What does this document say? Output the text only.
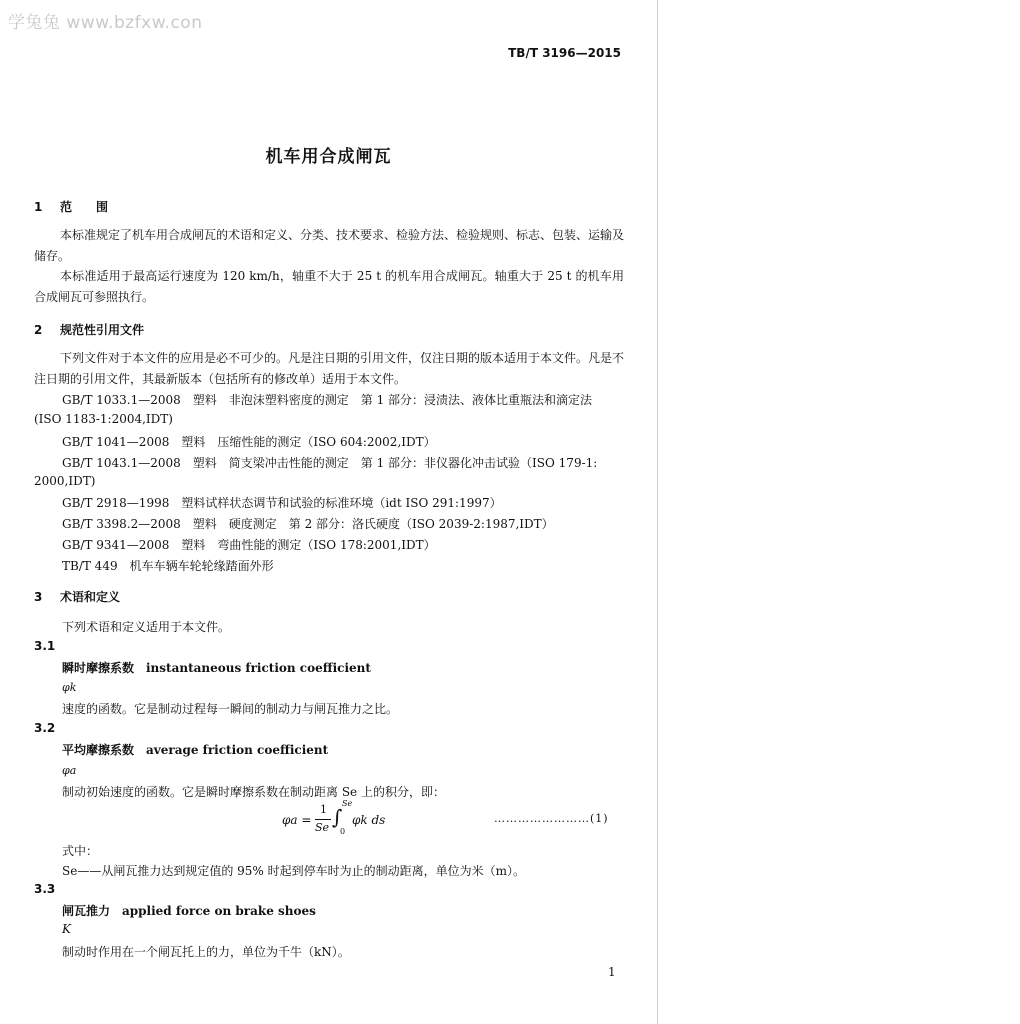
学兔兔 www.bzfxw.con
TB/T 3196—2015
机车用合成闸瓦
1 范　　围
本标准规定了机车用合成闸瓦的术语和定义、分类、技术要求、检验方法、检验规则、标志、包装、运输及储存。
本标准适用于最高运行速度为 120 km/h，轴重不大于 25 t 的机车用合成闸瓦。轴重大于 25 t 的机车用合成闸瓦可参照执行。
2 规范性引用文件
下列文件对于本文件的应用是必不可少的。凡是注日期的引用文件，仅注日期的版本适用于本文件。凡是不注日期的引用文件，其最新版本（包括所有的修改单）适用于本文件。
GB/T 1033.1—2008　塑料　非泡沫塑料密度的测定　第 1 部分：浸渍法、液体比重瓶法和滴定法
(ISO 1183-1:2004,IDT)
GB/T 1041—2008　塑料　压缩性能的测定（ISO 604:2002,IDT）
GB/T 1043.1—2008　塑料　简支梁冲击性能的测定　第 1 部分：非仪器化冲击试验（ISO 179-1:
2000,IDT)
GB/T 2918—1998　塑料试样状态调节和试验的标准环境（idt ISO 291:1997）
GB/T 3398.2—2008　塑料　硬度测定　第 2 部分：洛氏硬度（ISO 2039-2:1987,IDT）
GB/T 9341—2008　塑料　弯曲性能的测定（ISO 178:2001,IDT）
TB/T 449　机车车辆车轮轮缘踏面外形
3 术语和定义
下列术语和定义适用于本文件。
3.1
瞬时摩擦系数　instantaneous friction coefficient
φk
速度的函数。它是制动过程每一瞬间的制动力与闸瓦推力之比。
3.2
平均摩擦系数　average friction coefficient
φa
制动初始速度的函数。它是瞬时摩擦系数在制动距离 Se 上的积分，即：
φa =
1
Se ∫
Se
0
φk ds	……………………(1)
式中：
Se——从闸瓦推力达到规定值的 95% 时起到停车时为止的制动距离，单位为米（m）。
3.3
闸瓦推力　applied force on brake shoes
K
制动时作用在一个闸瓦托上的力，单位为千牛（kN）。
1
